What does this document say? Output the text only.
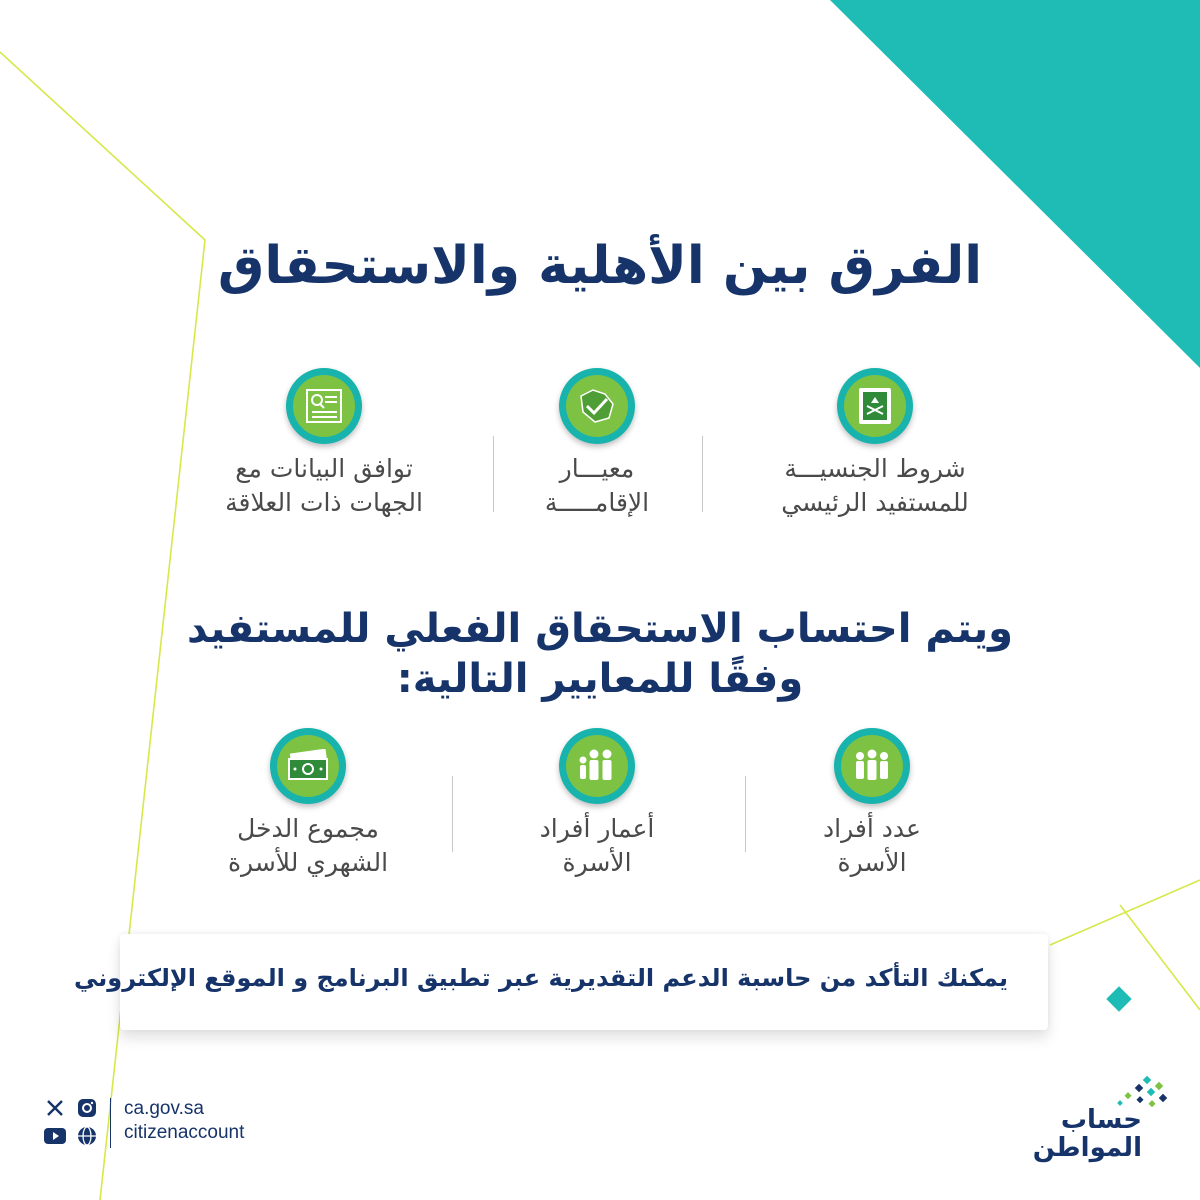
الفرق بين الأهلية والاستحقاق
شروط الجنسيـــة
للمستفيد الرئيسي
معيـــار
الإقامـــــة
توافق البيانات مع
الجهات ذات العلاقة
ويتم احتساب الاستحقاق الفعلي للمستفيد
وفقًا للمعايير التالية:
عدد أفراد
الأسرة
أعمار أفراد
الأسرة
مجموع الدخل
الشهري للأسرة
يمكنك التأكد من حاسبة الدعم التقديرية عبر تطبيق البرنامج و الموقع الإلكتروني
ca.gov.sa
citizenaccount	حساب
المواطن
